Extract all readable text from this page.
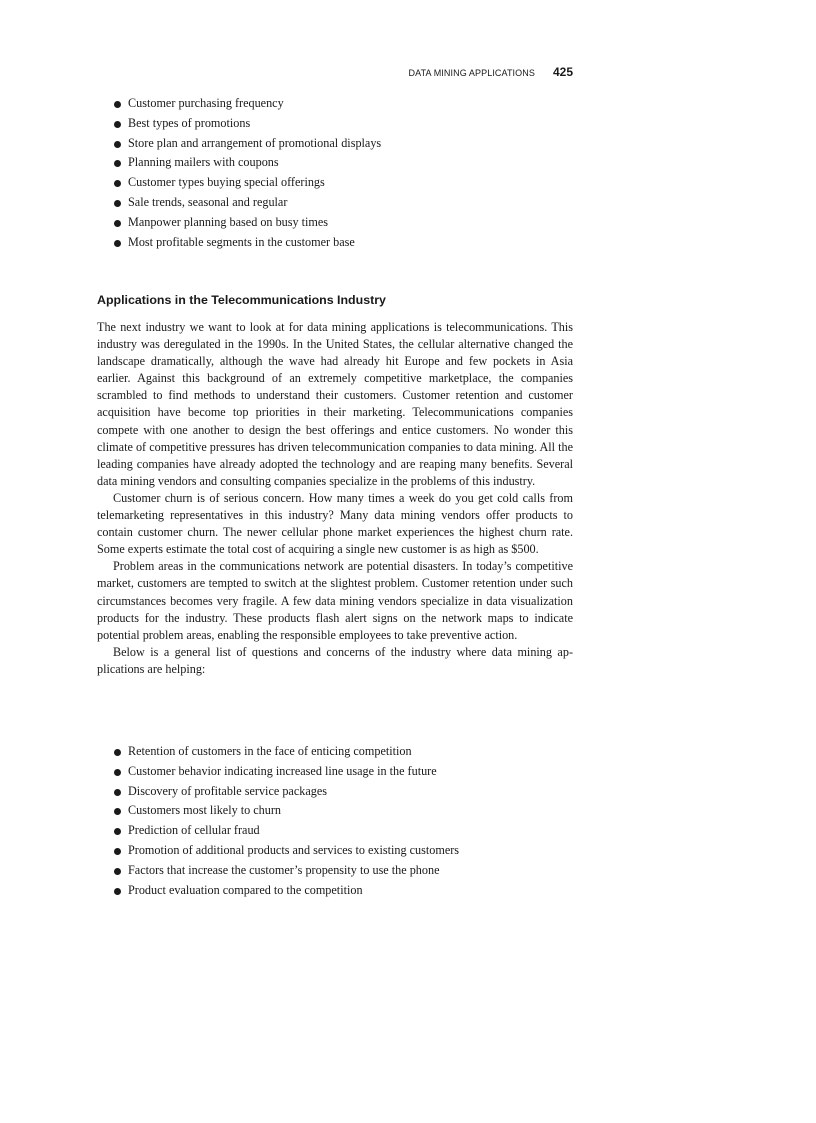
DATA MINING APPLICATIONS 425
Customer purchasing frequency
Best types of promotions
Store plan and arrangement of promotional displays
Planning mailers with coupons
Customer types buying special offerings
Sale trends, seasonal and regular
Manpower planning based on busy times
Most profitable segments in the customer base
Applications in the Telecommunications Industry

The next industry we want to look at for data mining applications is telecommunications. This industry was deregulated in the 1990s. In the United States, the cellular alternative changed the landscape dramatically, although the wave had already hit Europe and few pockets in Asia earlier. Against this background of an extremely competitive marketplace, the companies scrambled to find methods to understand their customers. Customer retention and customer acquisition have become top priorities in their marketing. Telecommunications companies compete with one another to design the best offerings and entice customers. No wonder this climate of competitive pressures has driven telecommunication companies to data mining. All the leading companies have already adopted the technology and are reaping many benefits. Several data mining vendors and consulting companies specialize in the problems of this industry.

Customer churn is of serious concern. How many times a week do you get cold calls from telemarketing representatives in this industry? Many data mining vendors offer products to contain customer churn. The newer cellular phone market experiences the highest churn rate. Some experts estimate the total cost of acquiring a single new customer is as high as $500.

Problem areas in the communications network are potential disasters. In today’s competitive market, customers are tempted to switch at the slightest problem. Customer retention under such circumstances becomes very fragile. A few data mining vendors specialize in data visualization products for the industry. These products flash alert signs on the network maps to indicate potential problem areas, enabling the responsible employees to take preventive action.

Below is a general list of questions and concerns of the industry where data mining applications are helping:

Retention of customers in the face of enticing competition
Customer behavior indicating increased line usage in the future
Discovery of profitable service packages
Customers most likely to churn
Prediction of cellular fraud
Promotion of additional products and services to existing customers
Factors that increase the customer’s propensity to use the phone
Product evaluation compared to the competition
